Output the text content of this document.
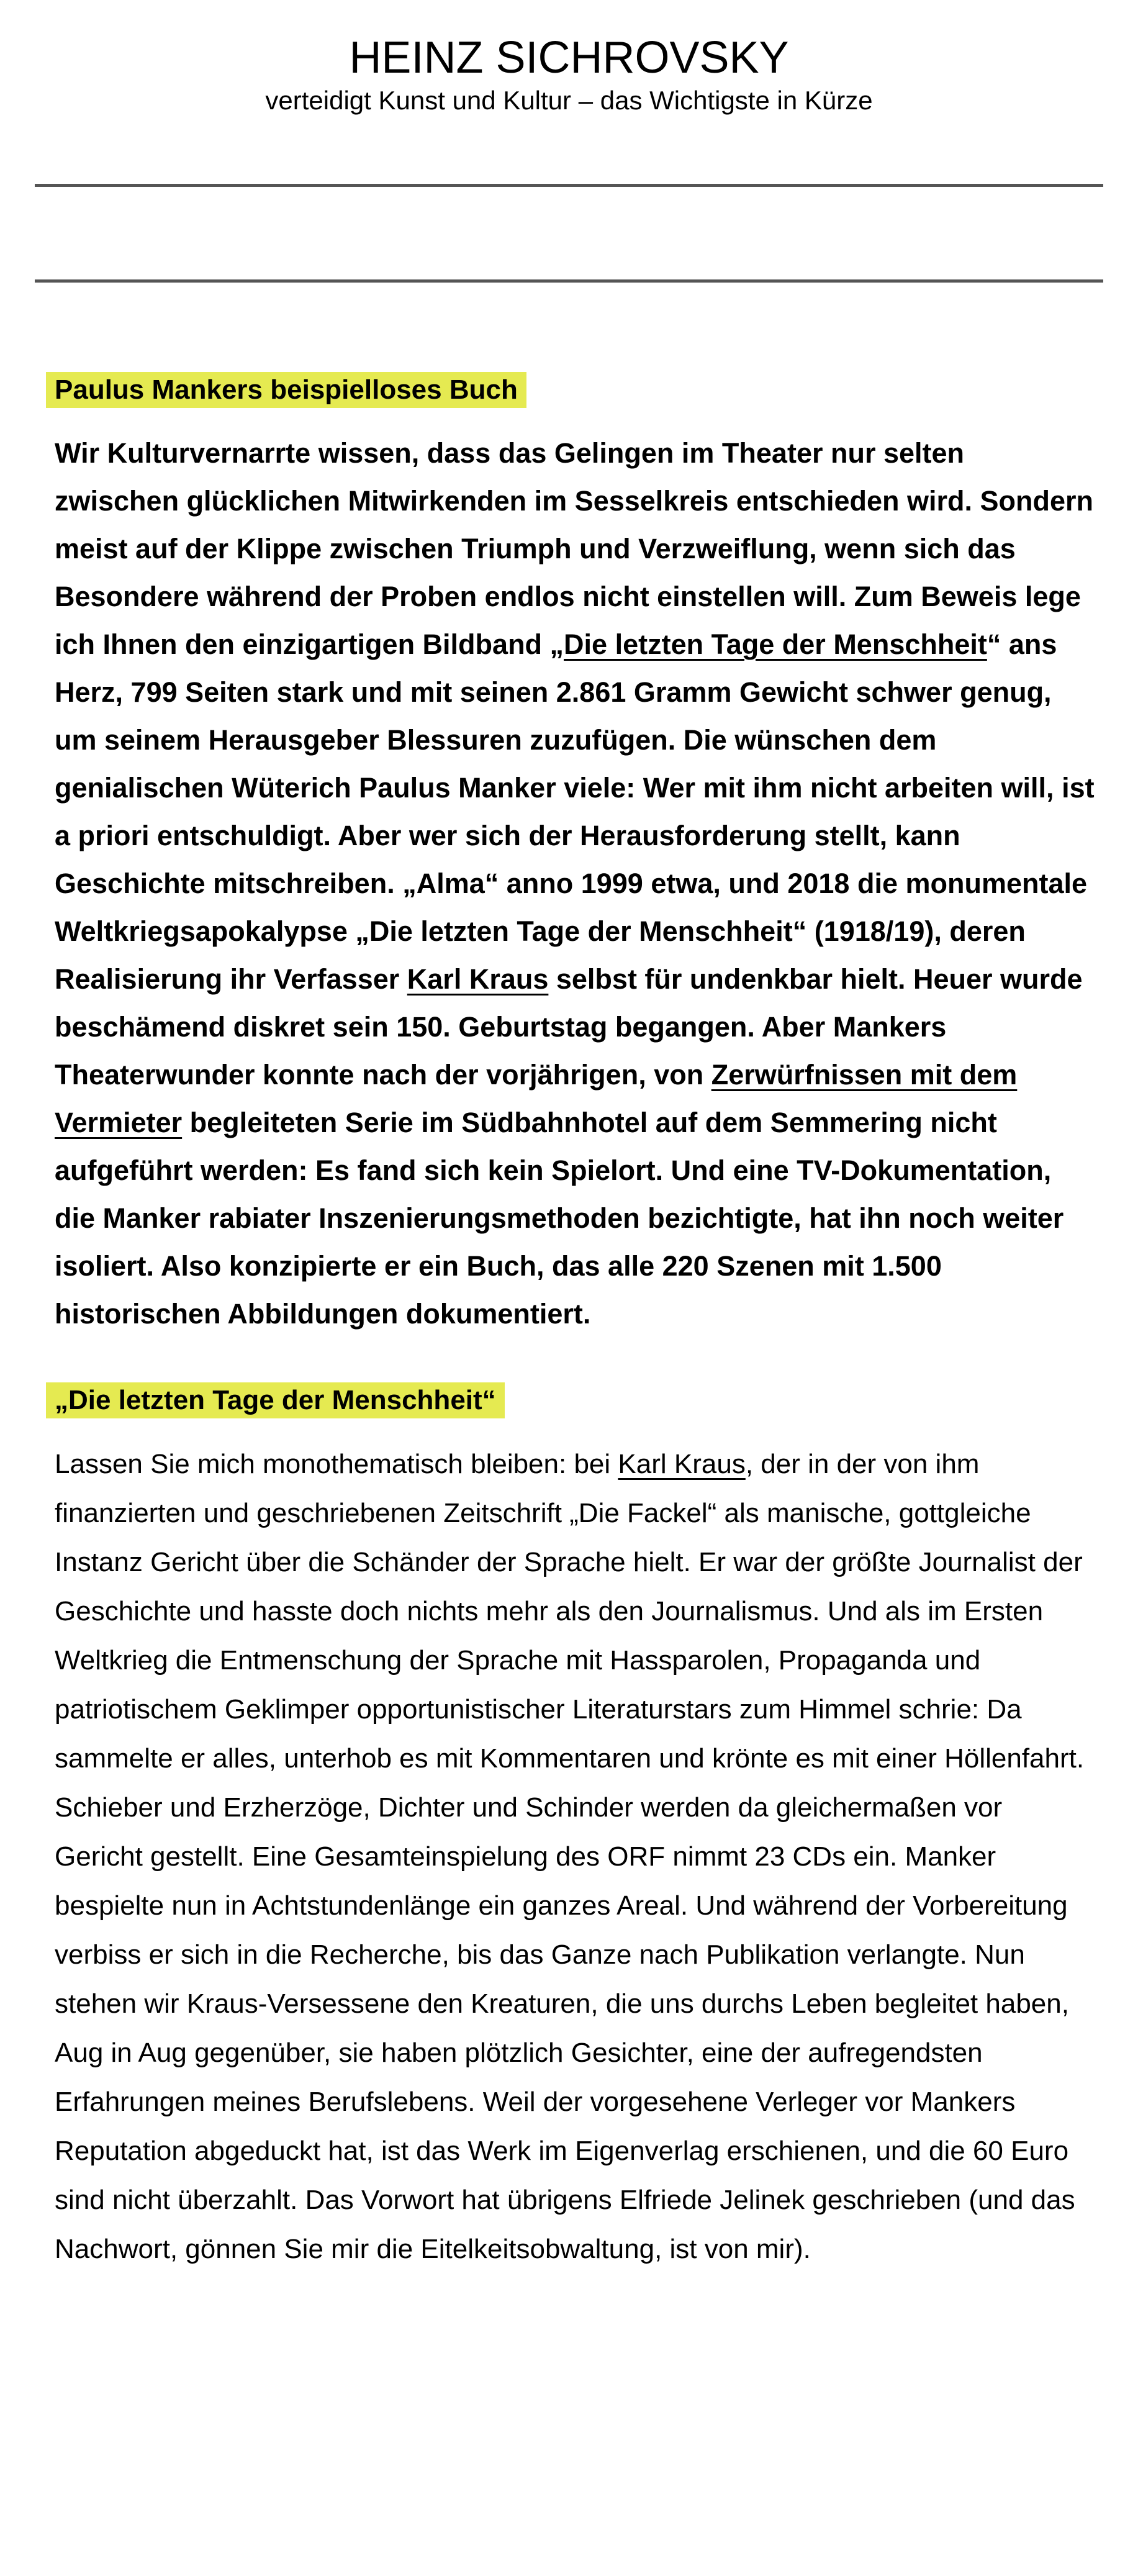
HEINZ SICHROVSKY
verteidigt Kunst und Kultur – das Wichtigste in Kürze
Paulus Mankers beispielloses Buch

Wir Kulturvernarrte wissen, dass das Gelingen im Theater nur selten zwischen glücklichen Mitwirkenden im Sesselkreis entschieden wird. Sondern meist auf der Klippe zwischen Triumph und Verzweiflung, wenn sich das Besondere während der Proben endlos nicht einstellen will. Zum Beweis lege ich Ihnen den einzigartigen Bildband „Die letzten Tage der Menschheit“ ans Herz, 799 Seiten stark und mit seinen 2.861 Gramm Gewicht schwer genug, um seinem Herausgeber Blessuren zuzufügen. Die wünschen dem genialischen Wüterich Paulus Manker viele: Wer mit ihm nicht arbeiten will, ist a priori entschuldigt. Aber wer sich der Herausforderung stellt, kann Geschichte mitschreiben. „Alma“ anno 1999 etwa, und 2018 die monumentale Weltkriegsapokalypse „Die letzten Tage der Menschheit“ (1918/19), deren Realisierung ihr Verfasser Karl Kraus selbst für undenkbar hielt. Heuer wurde beschämend diskret sein 150. Geburtstag begangen. Aber Mankers Theaterwunder konnte nach der vorjährigen, von Zerwürfnissen mit dem Vermieter begleiteten Serie im Südbahnhotel auf dem Semmering nicht aufgeführt werden: Es fand sich kein Spielort. Und eine TV-Dokumentation, die Manker rabiater Inszenierungsmethoden bezichtigte, hat ihn noch weiter isoliert. Also konzipierte er ein Buch, das alle 220 Szenen mit 1.500 historischen Abbildungen dokumentiert.

„Die letzten Tage der Menschheit“

Lassen Sie mich monothematisch bleiben: bei Karl Kraus, der in der von ihm finanzierten und geschriebenen Zeitschrift „Die Fackel“ als manische, gottgleiche Instanz Gericht über die Schänder der Sprache hielt. Er war der größte Journalist der Geschichte und hasste doch nichts mehr als den Journalismus. Und als im Ersten Weltkrieg die Entmenschung der Sprache mit Hassparolen, Propaganda und patriotischem Geklimper opportunistischer Literaturstars zum Himmel schrie: Da sammelte er alles, unterhob es mit Kommentaren und krönte es mit einer Höllenfahrt. Schieber und Erzherzöge, Dichter und Schinder werden da gleichermaßen vor Gericht gestellt. Eine Gesamteinspielung des ORF nimmt 23 CDs ein. Manker bespielte nun in Achtstundenlänge ein ganzes Areal. Und während der Vorbereitung verbiss er sich in die Recherche, bis das Ganze nach Publikation verlangte. Nun stehen wir Kraus-Versessene den Kreaturen, die uns durchs Leben begleitet haben, Aug in Aug gegenüber, sie haben plötzlich Gesichter, eine der aufregendsten Erfahrungen meines Berufslebens. Weil der vorgesehene Verleger vor Mankers Reputation abgeduckt hat, ist das Werk im Eigenverlag erschienen, und die 60 Euro sind nicht überzahlt. Das Vorwort hat übrigens Elfriede Jelinek geschrieben (und das Nachwort, gönnen Sie mir die Eitelkeitsobwaltung, ist von mir).
